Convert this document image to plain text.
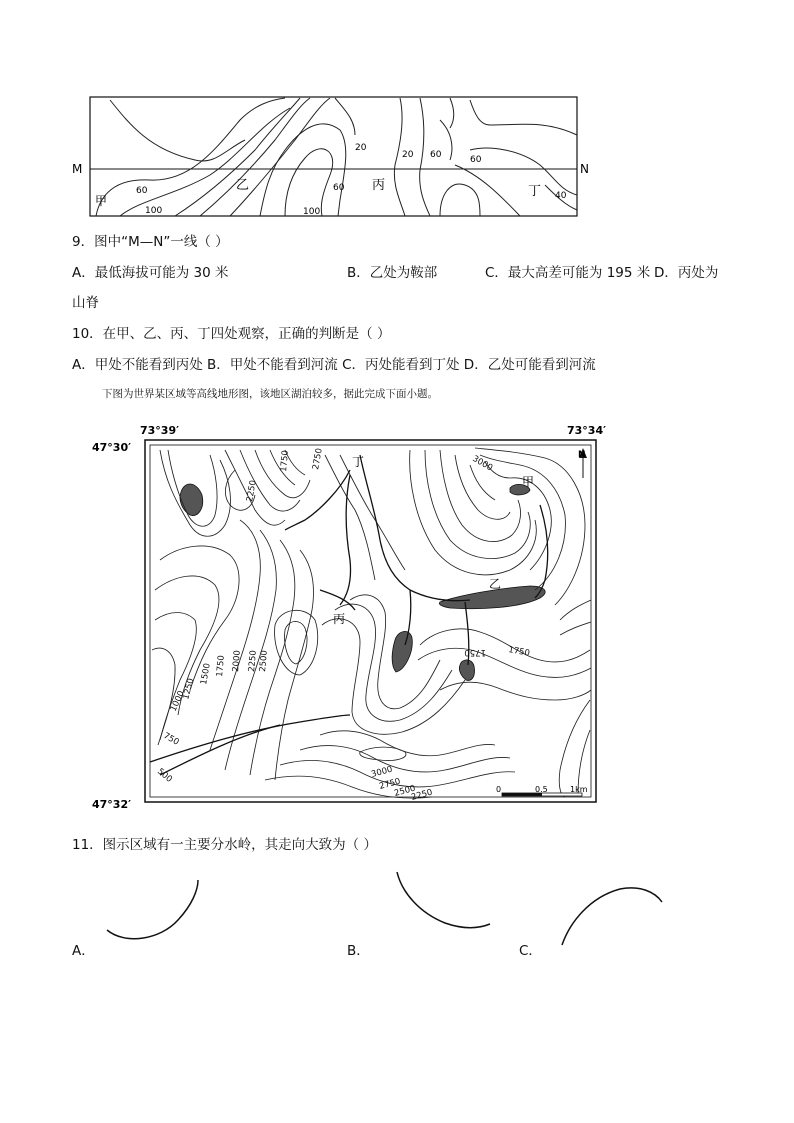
M	N
甲
乙	丙	丁
100
60
20
20 60	60
60
100
40
9．图中“M—N”一线（ ）
A．最低海拔可能为 30 米	B．乙处为鞍部	C．最大高差可能为 195 米 D．丙处为
山脊
10．在甲、乙、丙、丁四处观察，正确的判断是（ ）
A．甲处不能看到丙处 B．甲处不能看到河流 C．丙处能看到丁处 D．乙处可能看到河流
下图为世界某区域等高线地形图，该地区湖泊较多，据此完成下面小题。
73°39′	73°34′
47°30′
47°32′
N
丁
甲
乙
丙
2250
1750 2750	3000
1750	1750
2500
2250
2000
1750
1500
1250
1000
750
500	3000
2750
2500
2250	0	0.5	1km
11．图示区域有一主要分水岭，其走向大致为（ ）
A．	B．	C．
